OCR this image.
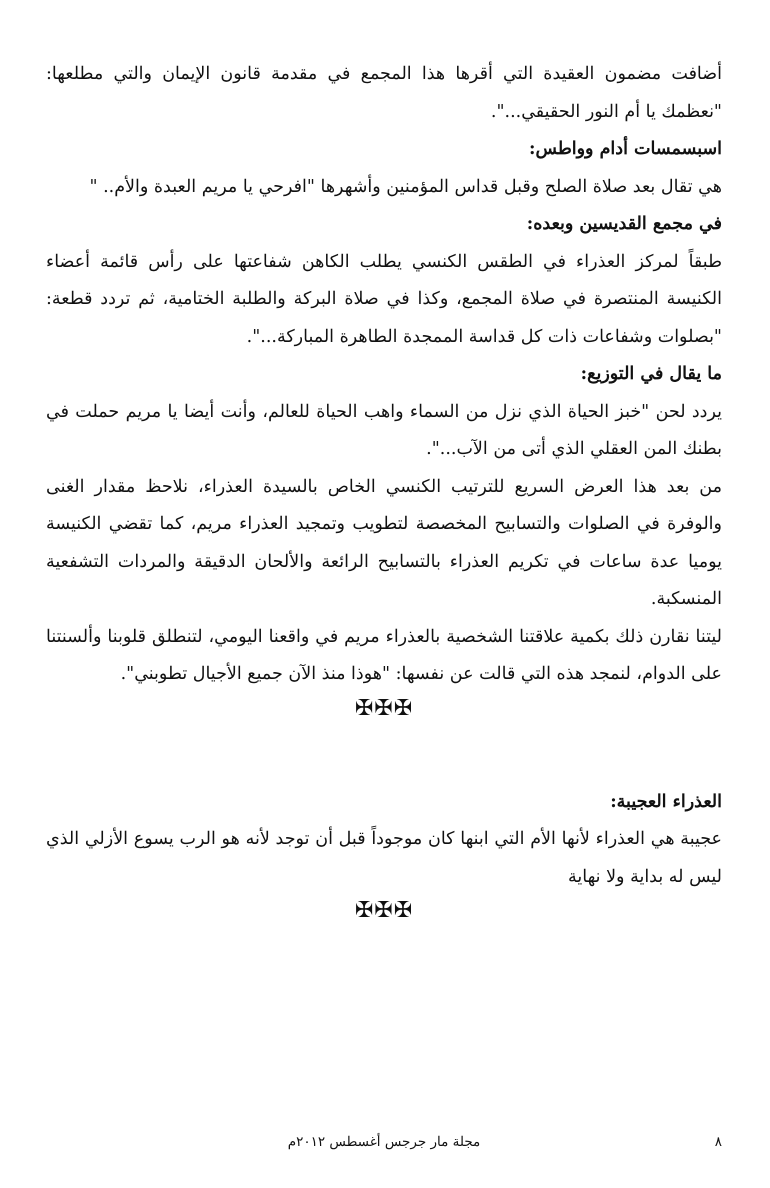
أضافت مضمون العقيدة التي أقرها هذا المجمع في مقدمة قانون الإيمان والتي مطلعها: "نعظمك يا أم النور الحقيقي...".

اسبسمسات أدام وواطس:

هي تقال بعد صلاة الصلح وقبل قداس المؤمنين وأشهرها "افرحي يا مريم العبدة والأم.. "

في مجمع القديسين وبعده:

طبقاً لمركز العذراء في الطقس الكنسي يطلب الكاهن شفاعتها على رأس قائمة أعضاء الكنيسة المنتصرة في صلاة المجمع، وكذا في صلاة البركة والطلبة الختامية، ثم تردد قطعة: "بصلوات وشفاعات ذات كل قداسة الممجدة الطاهرة المباركة...".

ما يقال في التوزيع:

يردد لحن "خبز الحياة الذي نزل من السماء واهب الحياة للعالم، وأنت أيضا يا مريم حملت في بطنك المن العقلي الذي أتى من الآب...".

من بعد هذا العرض السريع للترتيب الكنسي الخاص بالسيدة العذراء، نلاحظ مقدار الغنى والوفرة في الصلوات والتسابيح المخصصة لتطويب وتمجيد العذراء مريم، كما تقضي الكنيسة يوميا عدة ساعات في تكريم العذراء بالتسابيح الرائعة والألحان الدقيقة والمردات التشفعية المنسكبة.

ليتنا نقارن ذلك بكمية علاقتنا الشخصية بالعذراء مريم في واقعنا اليومي، لتنطلق قلوبنا وألسنتنا على الدوام، لنمجد هذه التي قالت عن نفسها: "هوذا منذ الآن جميع الأجيال تطوبني".

✠✠✠
العذراء العجيبة:

عجيبة هي العذراء لأنها الأم التي ابنها كان موجوداً قبل أن توجد لأنه هو الرب يسوع الأزلي الذي ليس له بداية ولا نهاية

✠✠✠
٨
مجلة مار جرجس أغسطس ٢٠١٢م
